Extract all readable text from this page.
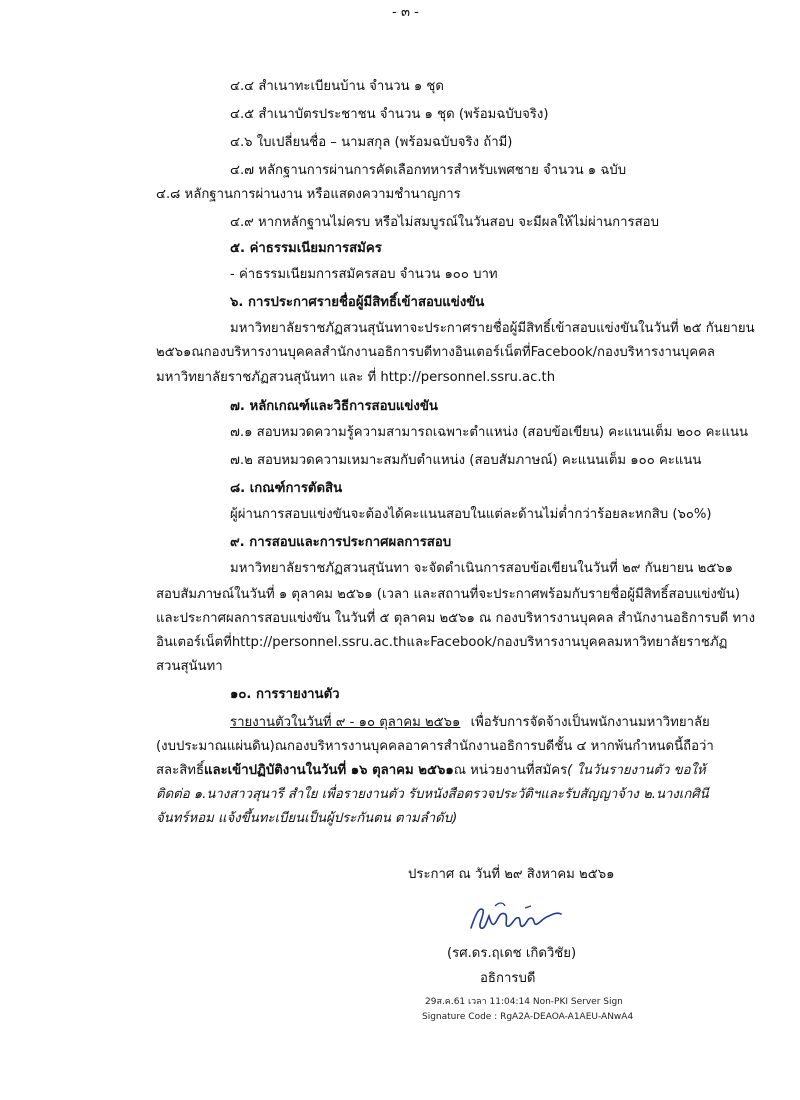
- ๓ -
๔.๔ สำเนาทะเบียนบ้าน จำนวน ๑ ชุด
๔.๕ สำเนาบัตรประชาชน จำนวน ๑ ชุด (พร้อมฉบับจริง)
๔.๖ ใบเปลี่ยนชื่อ – นามสกุล (พร้อมฉบับจริง ถ้ามี)
๔.๗ หลักฐานการผ่านการคัดเลือกทหารสำหรับเพศชาย จำนวน ๑ ฉบับ
๔.๘ หลักฐานการผ่านงาน หรือแสดงความชำนาญการ
๔.๙ หากหลักฐานไม่ครบ หรือไม่สมบูรณ์ในวันสอบ จะมีผลให้ไม่ผ่านการสอบ
๕. ค่าธรรมเนียมการสมัคร
- ค่าธรรมเนียมการสมัครสอบ จำนวน ๑๐๐ บาท
๖. การประกาศรายชื่อผู้มีสิทธิ์เข้าสอบแข่งขัน
มหาวิทยาลัยราชภัฏสวนสุนันทาจะประกาศรายชื่อผู้มีสิทธิ์เข้าสอบแข่งขันในวันที่ ๒๕ กันยายน
๒๕๖๑ ณ กองบริหารงานบุคคล สำนักงานอธิการบดี ทางอินเตอร์เน็ตที่ Facebook/กองบริหารงานบุคคล
มหาวิทยาลัยราชภัฏสวนสุนันทา และ ที่ http://personnel.ssru.ac.th
๗. หลักเกณฑ์และวิธีการสอบแข่งขัน
๗.๑ สอบหมวดความรู้ความสามารถเฉพาะตำแหน่ง (สอบข้อเขียน) คะแนนเต็ม ๒๐๐ คะแนน
๗.๒ สอบหมวดความเหมาะสมกับตำแหน่ง (สอบสัมภาษณ์) คะแนนเต็ม ๑๐๐ คะแนน
๘. เกณฑ์การตัดสิน
ผู้ผ่านการสอบแข่งขันจะต้องได้คะแนนสอบในแต่ละด้านไม่ต่ำกว่าร้อยละหกสิบ (๖๐%)
๙. การสอบและการประกาศผลการสอบ
มหาวิทยาลัยราชภัฏสวนสุนันทา จะจัดดำเนินการสอบข้อเขียนในวันที่ ๒๙ กันยายน ๒๕๖๑
สอบสัมภาษณ์ในวันที่ ๑ ตุลาคม ๒๕๖๑ (เวลา และสถานที่จะประกาศพร้อมกับรายชื่อผู้มีสิทธิ์สอบแข่งขัน)
และประกาศผลการสอบแข่งขัน ในวันที่ ๕ ตุลาคม ๒๕๖๑ ณ กองบริหารงานบุคคล สำนักงานอธิการบดี ทาง
อินเตอร์เน็ต ที่ http://personnel.ssru.ac.th และ Facebook /กองบริหารงานบุคคล มหาวิทยาลัยราชภัฏ
สวนสุนันทา
๑๐. การรายงานตัว
รายงานตัวในวันที่ ๙ - ๑๐ ตุลาคม ๒๕๖๑ เพื่อรับการจัดจ้างเป็นพนักงานมหาวิทยาลัย
(งบประมาณแผ่นดิน) ณ กองบริหารงานบุคคล อาคารสำนักงานอธิการบดี ชั้น ๔ หากพ้นกำหนดนี้ถือว่า
สละสิทธิ์ และเข้าปฏิบัติงานในวันที่ ๑๖ ตุลาคม ๒๕๖๑ ณ หน่วยงานที่สมัคร ( ในวันรายงานตัว ขอให้
ติดต่อ ๑.นางสาวสุนารี สำใย เพื่อรายงานตัว รับหนังสือตรวจประวัติฯและรับสัญญาจ้าง ๒.นางเกศินี
จันทร์หอม แจ้งขึ้นทะเบียนเป็นผู้ประกันตน ตามลำดับ)
ประกาศ ณ วันที่ ๒๙ สิงหาคม ๒๕๖๑
(รศ.ดร.ฤเดช เกิดวิชัย)
อธิการบดี
29ส.ค.61 เวลา 11:04:14 Non-PKI Server Sign
Signature Code : RgA2A-DEAOA-A1AEU-ANwA4
